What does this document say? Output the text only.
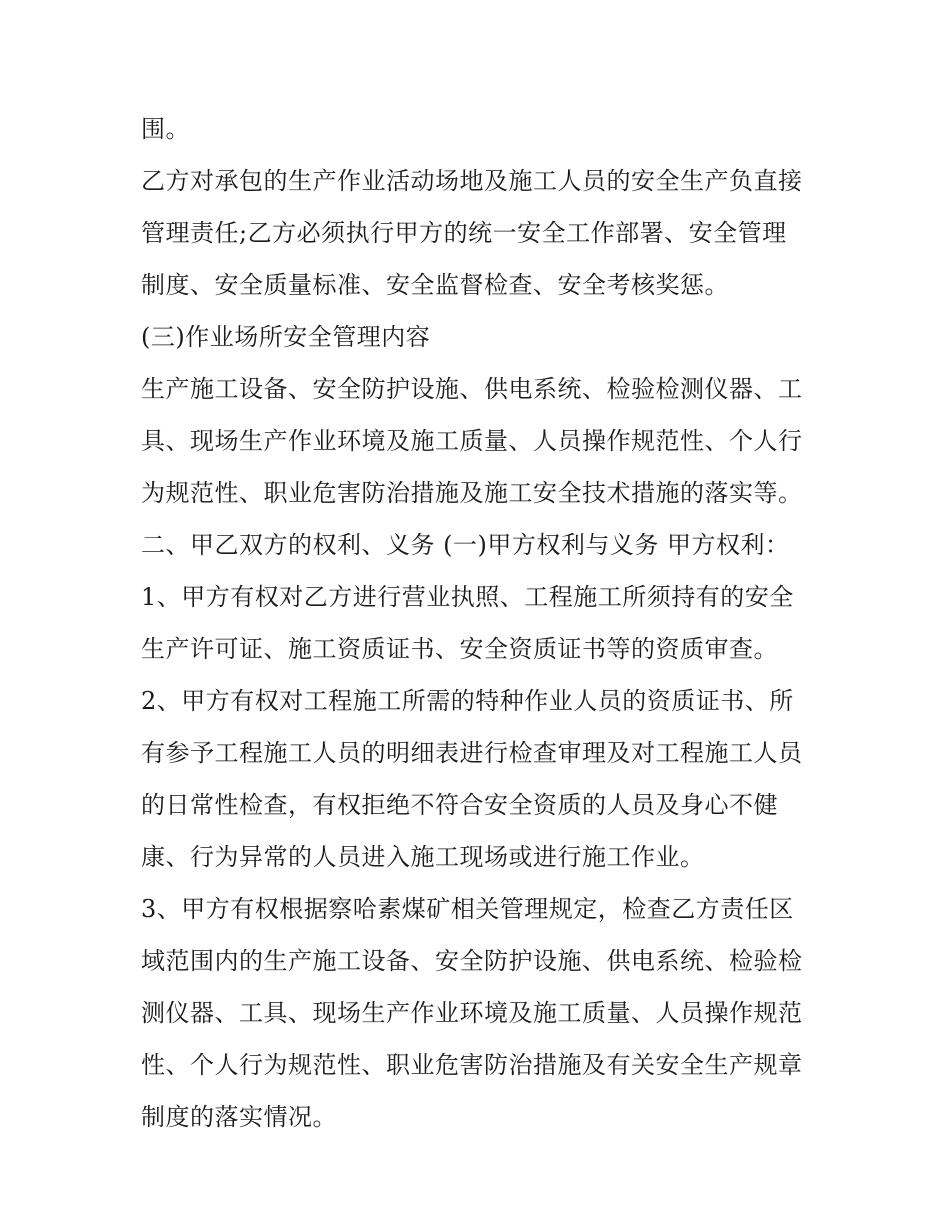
围。
乙方对承包的生产作业活动场地及施工人员的安全生产负直接
管理责任;乙方必须执行甲方的统一安全工作部署、安全管理
制度、安全质量标准、安全监督检查、安全考核奖惩。
(三)作业场所安全管理内容
生产施工设备、安全防护设施、供电系统、检验检测仪器、工
具、现场生产作业环境及施工质量、人员操作规范性、个人行
为规范性、职业危害防治措施及施工安全技术措施的落实等。
二、甲乙双方的权利、义务 (一)甲方权利与义务 甲方权利：
1、甲方有权对乙方进行营业执照、工程施工所须持有的安全
生产许可证、施工资质证书、安全资质证书等的资质审查。
2、甲方有权对工程施工所需的特种作业人员的资质证书、所
有参予工程施工人员的明细表进行检查审理及对工程施工人员
的日常性检查，有权拒绝不符合安全资质的人员及身心不健
康、行为异常的人员进入施工现场或进行施工作业。
3、甲方有权根据察哈素煤矿相关管理规定，检查乙方责任区
域范围内的生产施工设备、安全防护设施、供电系统、检验检
测仪器、工具、现场生产作业环境及施工质量、人员操作规范
性、个人行为规范性、职业危害防治措施及有关安全生产规章
制度的落实情况。
